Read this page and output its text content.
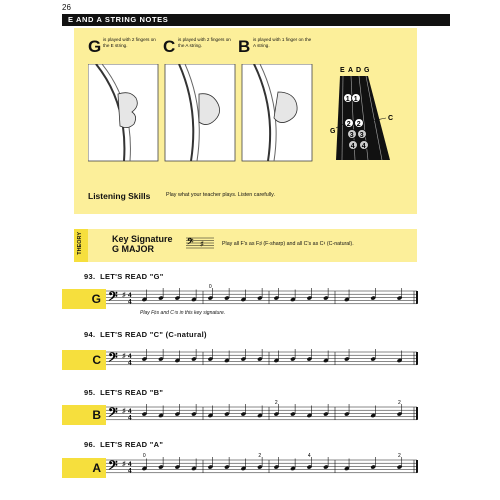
26
E AND A STRING NOTES
G is played with 2 fingers on the E string.	C is played with 2 fingers on the A string.	B is played with 1 finger on the A string.
E A D G
1 1
2 2
3 3
4 4
G
C
Listening Skills	Play what your teacher plays. Listen carefully.
THEORY	Key Signature
G MAJOR	𝄢 ♯	Play all F's as F♯ (F-sharp) and all C's as C♮ (C-natural).
93. LET'S READ "G"
G
Play F♯s and C♮s in this key signature.
94. LET'S READ "C" (C-natural)
C
95. LET'S READ "B"
B
96. LET'S READ "A"
A
𝄢 ♯ 4
4
0
𝄢 ♯ 4
4
𝄢 ♯ 4
4
2	2
𝄢 ♯ 4
4
0	2	4	2
